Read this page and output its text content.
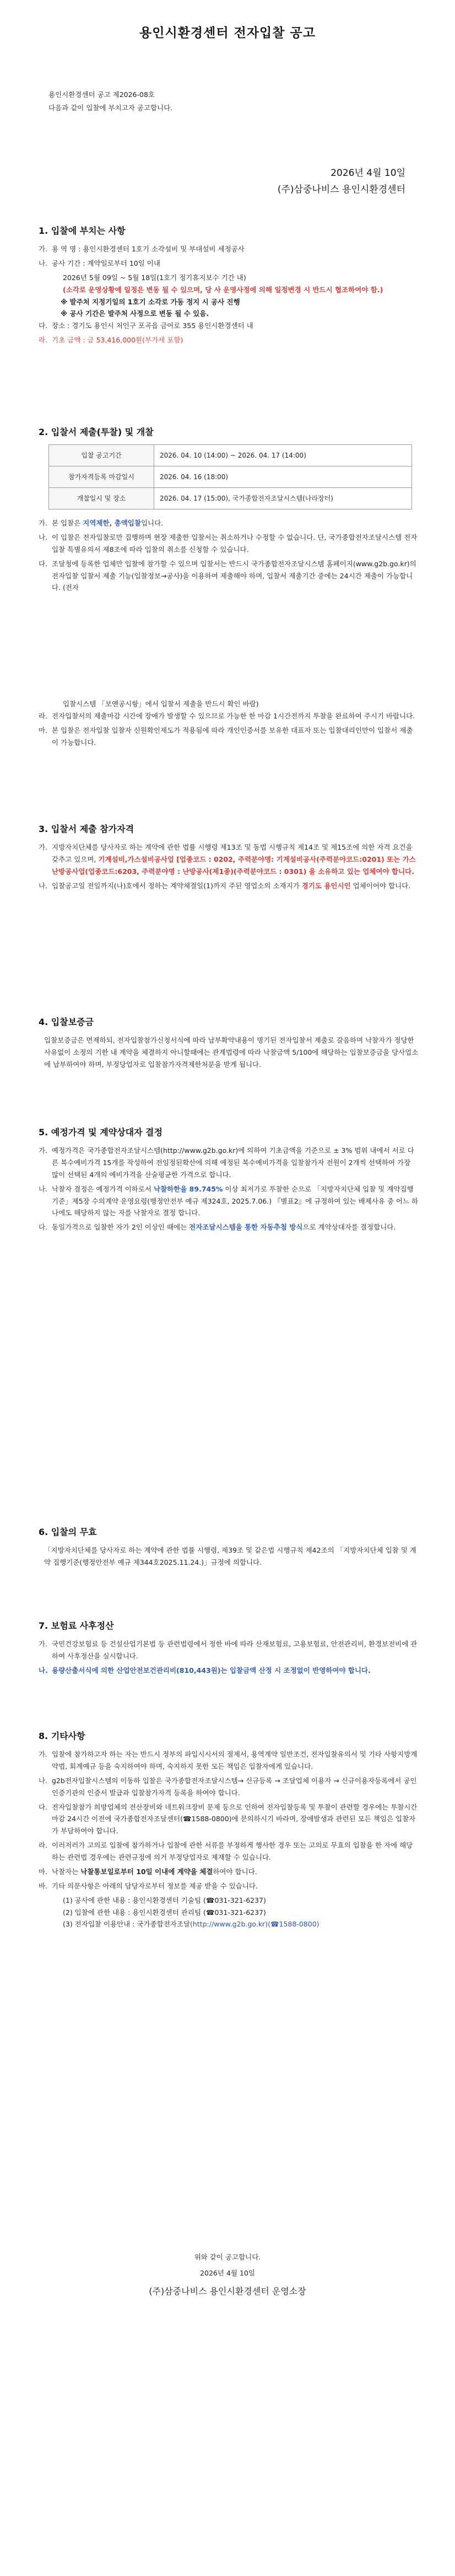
용인시환경센터 전자입찰 공고
용인시환경센터 공고 제2026-08호
다음과 같이 입찰에 부치고자 공고합니다.
2026년 4월 10일
(주)삼중나비스 용인시환경센터
1. 입찰에 부치는 사항
가. 용 역 명 : 용인시환경센터 1호기 소각설비 및 부대설비 세정공사
나. 공사 기간 : 계약일로부터 10일 이내
2026년 5월 09일 ~ 5월 18일(1호기 정기휴지보수 기간 내)
(소각로 운영상황에 일정은 변동 될 수 있으며, 당 사 운영사정에 의해 일정변경 시 반드시 협조하여야 함.)
※ 발주처 지정기일의 1호기 소각로 가동 정지 시 공사 진행
※ 공사 기간은 발주처 사정으로 변동 될 수 있음.
다. 장소 : 경기도 용인시 처인구 포곡읍 금어로 355 용인시환경센터 내
라. 기초 금액 : 금 53,416,000원(부가세 포함)
2. 입찰서 제출(투찰) 및 개찰
입찰 공고기간	2026. 04. 10 (14:00) ~ 2026. 04. 17 (14:00)
참가자격등록 마감일시	2026. 04. 16 (18:00)
개찰일시 및 장소	2026. 04. 17 (15:00), 국가종합전자조달시스템(나라장터)
가. 본 입찰은 지역제한, 총액입찰입니다.
나. 이 입찰은 전자입찰로만 집행하며 현장 제출한 입찰서는 취소하거나 수정할 수 없습니다. 단, 국가종합전자조달시스템 전자입찰 특별유의서 제8조에 따라 입찰의 취소를 신청할 수 있습니다.
다. 조달청에 등록한 업체만 입찰에 참가할 수 있으며 입찰서는 반드시 국가종합전자조달시스템 홈페이지(www.g2b.go.kr)의 전자입찰 입찰서 제출 기능(입찰정보→공사)을 이용하여 제출해야 하며, 입찰서 제출기간 중에는 24시간 제출이 가능합니다. (전자
입찰시스템 「보앤공시항」에서 입찰서 제출을 반드시 확인 바람)
라. 전자입찰서의 제출마감 시간에 장애가 발생할 수 있으므로 가능한 한 마감 1시간전까지 투찰을 완료하여 주시기 바랍니다.
마. 본 입찰은 전자입찰 입찰자 신원확인제도가 적용됨에 따라 개인인증서를 보유한 대표자 또는 입찰대리인만이 입찰서 제출이 가능합니다.
3. 입찰서 제출 참가자격
가. 지방자치단체를 당사자로 하는 계약에 관한 법률 시행령 제13조 및 동법 시행규칙 제14조 및 제15조에 의한 자격 요건을 갖추고 있으며, 기계설비,가스설비공사업 [업종코드 : 0202, 주력분야명: 기계설비공사(주력분야코드:0201) 또는 가스난방공사업(업종코드:6203, 주력분야명 : 난방공사(제1종)(주력분야코드 : 0301) 을 소유하고 있는 업체여야 합니다.
나. 입찰공고일 전일까지(나)호에서 정하는 계약체결일(1)까지 주된 영업소의 소재지가 경기도 용인시인 업체이어야 합니다.
4. 입찰보증금
입찰보증금은 면제하되, 전자입찰참가신청서식에 따라 납부확약내용이 명기된 전자입찰서 제출로 갈음하며 낙찰자가 정당한 사유없이 소정의 기한 내 계약을 체결하지 아니할때에는 관계법령에 따라 낙찰금액 5/100에 해당하는 입찰보증금을 당사업소에 납부하여야 하며, 부정당업자로 입찰참가자격제한처분을 받게 됩니다.
5. 예정가격 및 계약상대자 결정
가. 예정가격은 국가종합전자조달시스템(http://www.g2b.go.kr)에 의하여 기초금액을 기준으로 ± 3% 범위 내에서 서로 다른 복수예비가격 15개를 작성하여 전임정된확산에 의해 예정된 복수예비가격을 입찰참가자 전원이 2개씩 선택하여 가장 많이 선택된 4개의 예비가격을 산술평균한 가격으로 합니다.
나. 낙찰자 결정은 예정가격 이하로서 낙찰하한율 89.745% 이상 최저가로 투찰한 순으로 「지방자치단체 입찰 및 계약집행기준」제5장 수의계약 운영요령(행정안전부 예규 제324호, 2025.7.06.) 『별표2』에 규정하여 있는 배제사유 중 어느 하나에도 해당하지 않는 자를 낙찰자로 결정 합니다.
다. 동일가격으로 입찰한 자가 2인 이상인 때에는 전자조달시스템을 통한 자동추첨 방식으로 계약상대자를 결정합니다.
6. 입찰의 무효
「지방자치단체를 당사자로 하는 계약에 관한 법률 시행령, 제39조 및 같은법 시행규칙 제42조의 「지방자치단체 입찰 및 계약 집행기준(행정안전부 예규 제344호2025.11.24.)」규정에 의합니다.
7. 보험료 사후정산
가. 국민건강보험료 등 건설산업기본법 등 관련법령에서 정한 바에 따라 산재보험료, 고용보험료, 안전관리비, 환경보전비에 관하여 사후정산을 실시합니다.
나. 용량산출서식에 의한 산업안전보건관리비(810,443원)는 입찰금액 산정 시 조정없이 반영하여야 합니다.
8. 기타사항
가. 입찰에 참가하고자 하는 자는 반드시 정부의 파입시시서의 절제서, 용역계약 일반조건, 전자입찰유의서 및 기타 사항지방계약법, 회계예규 등을 숙지하여야 하며, 숙지하지 못한 모든 책임은 입찰자에게 있습니다.
나. g2b전자입찰시스템의 이동하 입찰은 국가종합전자조달시스템→ 신규등록 → 조달업체 이용자 → 신규이용자등록에서 공인인증기관의 인증서 발급과 입찰참가자격 등록을 하여야 합니다.
다. 전자입찰참가 희망업체의 전산장비와 네트워크장비 문제 등으로 인하여 전자입찰등록 및 투찰이 관련할 경우에는 투찰시간마감 24시간 이전에 국가종합전자조달센터(☎1588-0800)에 문의하시기 바라며, 장애발생과 관련된 모든 책임은 입찰자가 부담하여야 합니다.
라. 이러저러가 고의로 입찰에 참가하거나 입찰에 관한 서류를 부정하게 행사한 경우 또는 고의로 무효의 입찰을 한 자에 해당하는 관련법 경우에는 관련규정에 의거 부정당업자로 제재할 수 있습니다.
마. 낙찰자는 낙찰통보일로부터 10일 이내에 계약을 체결하여야 합니다.
바. 기타 의문사항은 아래의 담당자로부터 정보를 제공 받을 수 있습니다.
(1) 공사에 관한 내용 : 용인시환경센터 기술팀 (☎031-321-6237)
(2) 입찰에 관한 내용 : 용인시환경센터 관리팀 (☎031-321-6237)
(3) 전자입찰 이용안내 : 국가종합전자조달(http://www.g2b.go.kr)(☎1588-0800)
위와 같이 공고합니다.
2026년 4월 10일
(주)삼중나비스 용인시환경센터 운영소장
